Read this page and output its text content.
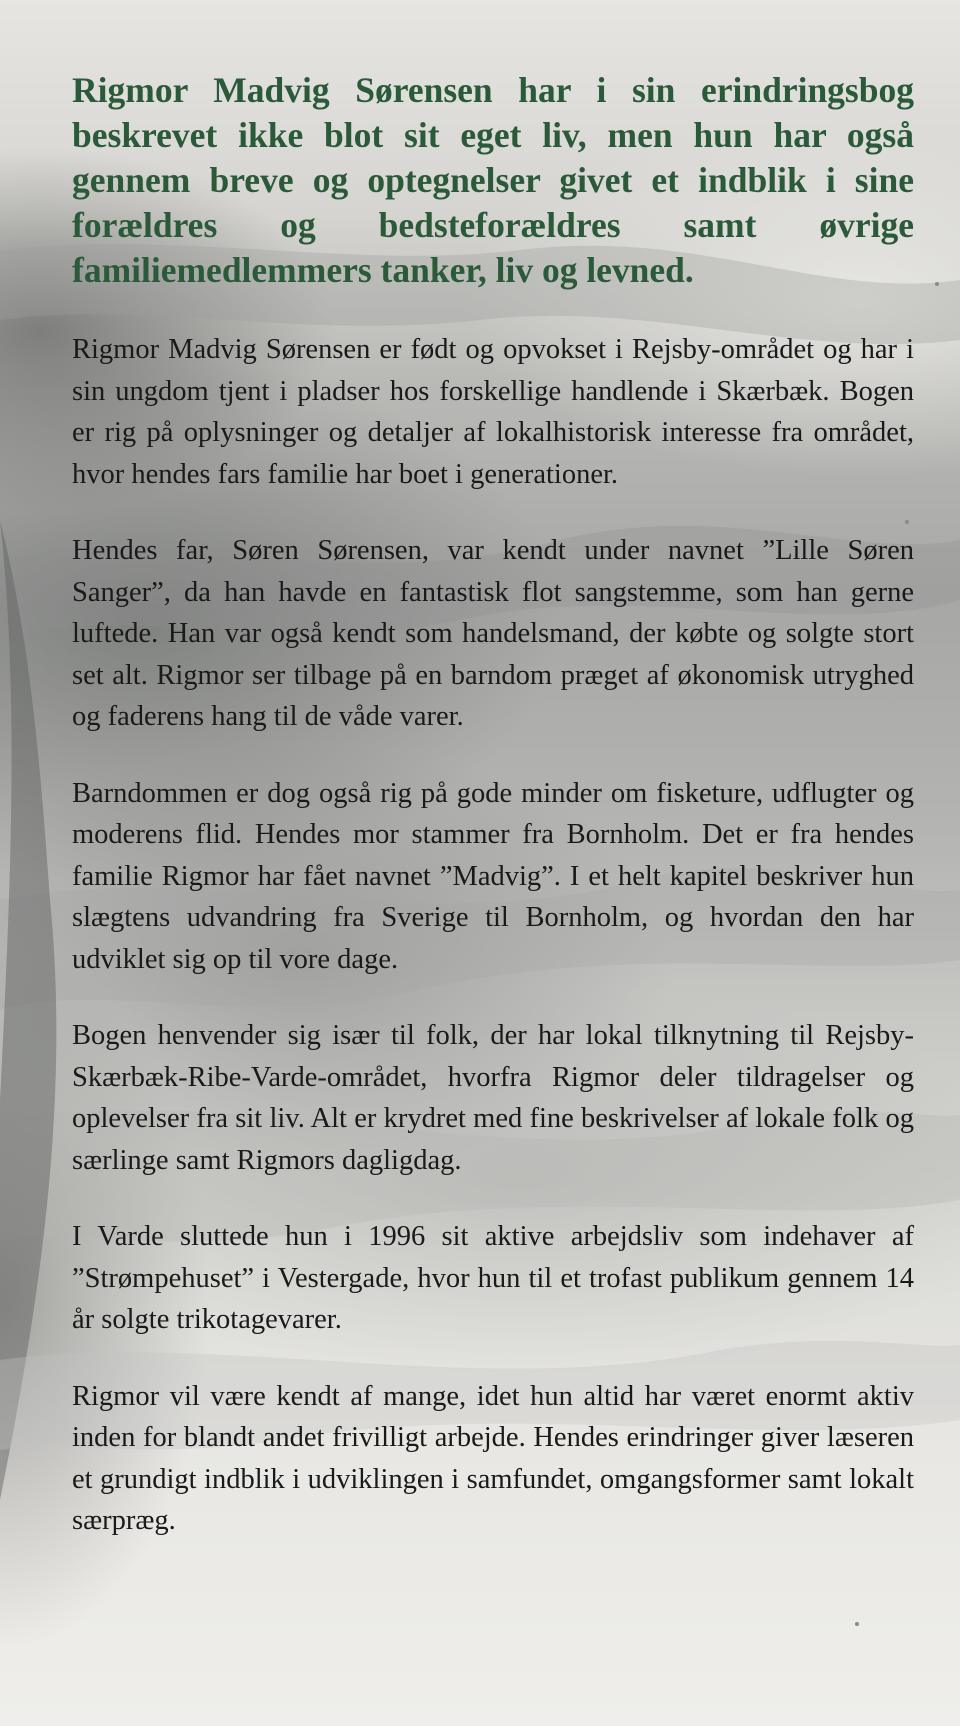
Rigmor Madvig Sørensen har i sin erindringsbog beskrevet ikke blot sit eget liv, men hun har også gennem breve og optegnelser givet et indblik i sine forældres og bedsteforældres samt øvrige familiemedlemmers tanker, liv og levned.

Rigmor Madvig Sørensen er født og opvokset i Rejsby-området og har i sin ungdom tjent i pladser hos forskellige handlende i Skærbæk. Bogen er rig på oplysninger og detaljer af lokalhistorisk interesse fra området, hvor hendes fars familie har boet i generationer.

Hendes far, Søren Sørensen, var kendt under navnet ”Lille Søren Sanger”, da han havde en fantastisk flot sangstemme, som han gerne luftede. Han var også kendt som handelsmand, der købte og solgte stort set alt. Rigmor ser tilbage på en barndom præget af økonomisk utryghed og faderens hang til de våde varer.

Barndommen er dog også rig på gode minder om fisketure, udflugter og moderens flid. Hendes mor stammer fra Bornholm. Det er fra hendes familie Rigmor har fået navnet ”Madvig”. I et helt kapitel beskriver hun slægtens udvandring fra Sverige til Bornholm, og hvordan den har udviklet sig op til vore dage.

Bogen henvender sig især til folk, der har lokal tilknytning til Rejsby-Skærbæk-Ribe-Varde-området, hvorfra Rigmor deler tildragelser og oplevelser fra sit liv. Alt er krydret med fine beskrivelser af lokale folk og særlinge samt Rigmors dagligdag.

I Varde sluttede hun i 1996 sit aktive arbejdsliv som indehaver af ”Strømpehuset” i Vestergade, hvor hun til et trofast publikum gennem 14 år solgte trikotagevarer.

Rigmor vil være kendt af mange, idet hun altid har været enormt aktiv inden for blandt andet frivilligt arbejde. Hendes erindringer giver læseren et grundigt indblik i udviklingen i samfundet, omgangsformer samt lokalt særpræg.
